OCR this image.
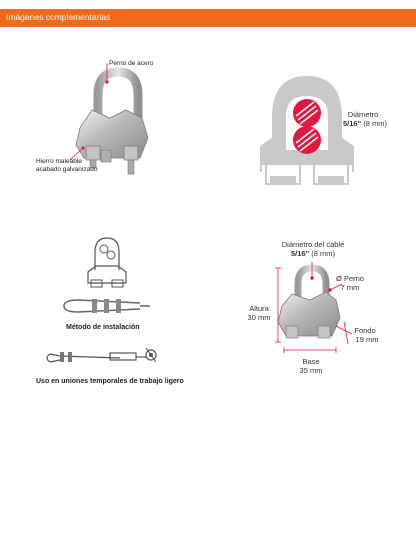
Imágenes complementarias
Perno de acero
Hierro maleable
acabado galvanizado
Diámetro
5/16" (8 mm)
Método de instalación
Uso en uniones temporales de trabajo ligero
Diámetro del cable
5/16" (8 mm)
Ø Perno
7 mm
Altura
30 mm
Fondo
19 mm
Base
35 mm
